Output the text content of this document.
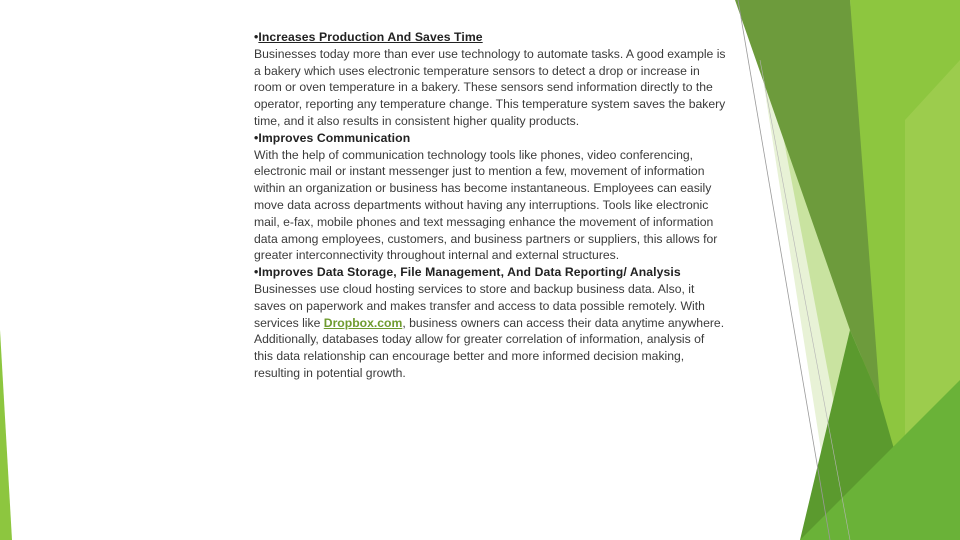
•Increases Production And Saves Time

Businesses today more than ever use technology to automate tasks. A good example is a bakery which uses electronic temperature sensors to detect a drop or increase in room or oven temperature in a bakery. These sensors send information directly to the operator, reporting any temperature change. This temperature system saves the bakery time, and it also results in consistent higher quality products.

•Improves Communication

With the help of communication technology tools like phones, video conferencing, electronic mail or instant messenger just to mention a few, movement of information within an organization or business has become instantaneous. Employees can easily move data across departments without having any interruptions. Tools like electronic mail, e-fax, mobile phones and text messaging enhance the movement of information data among employees, customers, and business partners or suppliers, this allows for greater interconnectivity throughout internal and external structures.

•Improves Data Storage, File Management, And Data Reporting/ Analysis

Businesses use cloud hosting services to store and backup business data. Also, it saves on paperwork and makes transfer and access to data possible remotely. With services like Dropbox.com, business owners can access their data anytime anywhere. Additionally, databases today allow for greater correlation of information, analysis of this data relationship can encourage better and more informed decision making, resulting in potential growth.
